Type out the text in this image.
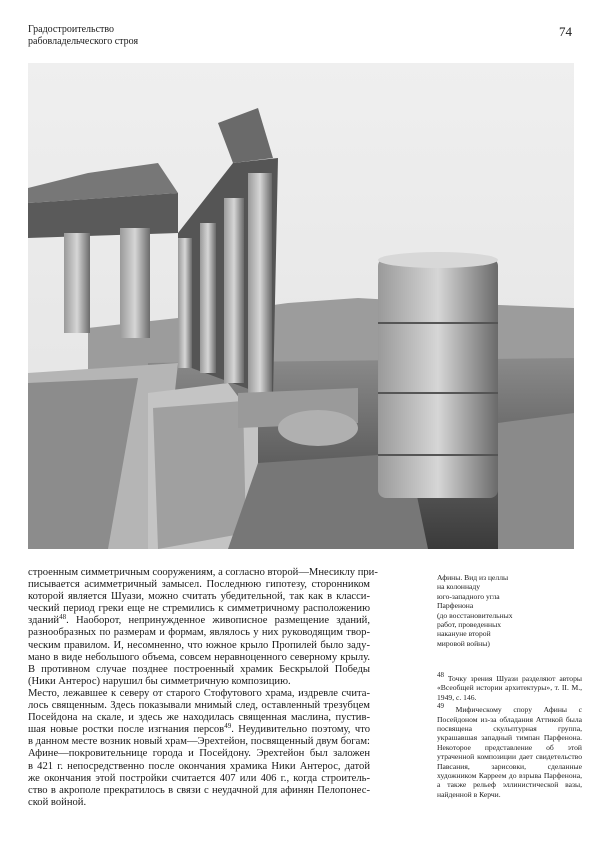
Градостроительство
рабовладельческого строя
74
строенным симметричным сооружениям, а согласно второй—Мнесиклу при-
писывается асимметричный замысел. Последнюю гипотезу, сторонником
которой является Шуази, можно считать убедительной, так как в класси-
ческий период греки еще не стремились к симметричному расположению
зданий$^{48}$. Наоборот, непринужденное живописное размещение зданий,
разнообразных по размерам и формам, являлось у них руководящим твор-
ческим правилом. И, несомненно, что южное крыло Пропилей было заду-
мано в виде небольшого объема, совсем неравноценного северному крылу.
В противном случае позднее построенный храмик Бескрылой Победы
(Ники Антерос) нарушил бы симметричную композицию.
Место, лежавшее к северу от старого Стофутового храма, издревле счита-
лось священным. Здесь показывали мнимый след, оставленный трезубцем
Посейдона на скале, и здесь же находилась священная маслина, пустив-
шая новые ростки после изгнания персов$^{49}$. Неудивительно поэтому, что
в данном месте возник новый храм—Эрехтейон, посвященный двум богам:
Афине—покровительнице города и Посейдону. Эрехтейон был заложен
в 421 г. непосредственно после окончания храмика Ники Антерос, датой
же окончания этой постройки считается 407 или 406 г., когда строитель-
ство в акрополе прекратилось в связи с неудачной для афинян Пелопонес-
ской войной.
Афины. Вид из целлы
на колоннаду
юго-западного угла
Парфенона
(до восстановительных
работ, проведенных
накануне второй
мировой войны)

$^{48}$ Точку зрения Шуази разделяют авторы «Всеобщей истории архитектуры», т. II. М., 1949, с. 146.

$^{49}$ Мифическому спору Афины с Посейдоном из-за обладания Аттикой была посвящена скульптурная группа, украшавшая западный тимпан Парфенона. Некоторое представление об этой утраченной композиции дает свидетельство Павсания, зарисовки, сделанные художником Карреем до взрыва Парфенона, а также рельеф эллинистической вазы, найденной в Керчи.
